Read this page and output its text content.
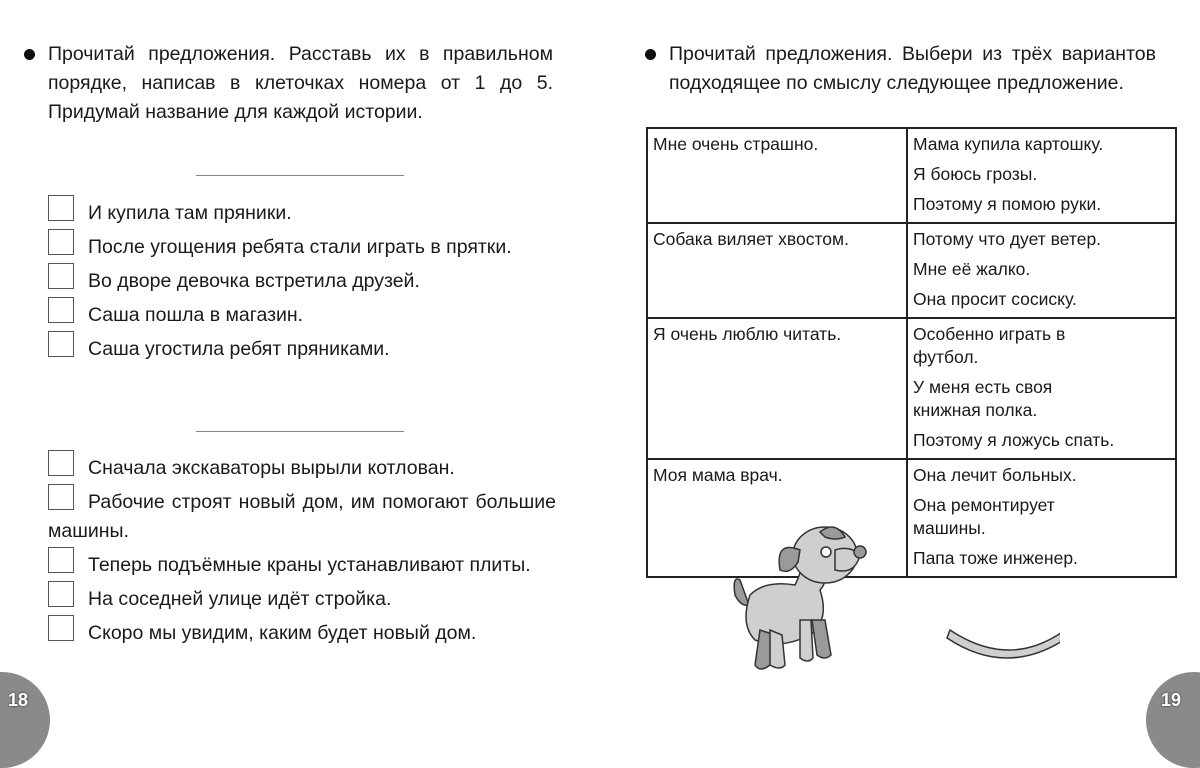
Прочитай предложения. Расставь их в правильном порядке, написав в клеточках номера от 1 до 5. Придумай название для каждой истории.
И купила там пряники.
После угощения ребята стали играть в прятки.
Во дворе девочка встретила друзей.
Саша пошла в магазин.
Саша угостила ребят пряниками.
Сначала экскаваторы вырыли котлован.
Рабочие строят новый дом, им помогают большие машины.
Теперь подъёмные краны устанавливают плиты.
На соседней улице идёт стройка.
Скоро мы увидим, каким будет новый дом.
18
Прочитай предложения. Выбери из трёх вариантов подходящее по смыслу следующее предложение.
Мне очень страшно.	Мама купила картошку.
Я боюсь грозы.
Поэтому я помою руки.

Собака виляет хвостом.	Потому что дует ветер.
Мне её жалко.
Она просит сосиску.

Я очень люблю читать.	Особенно играть в футбол.
У меня есть своя книжная полка.
Поэтому я ложусь спать.

Моя мама врач.	Она лечит больных.
Она ремонтирует машины.
Папа тоже инженер.
19
